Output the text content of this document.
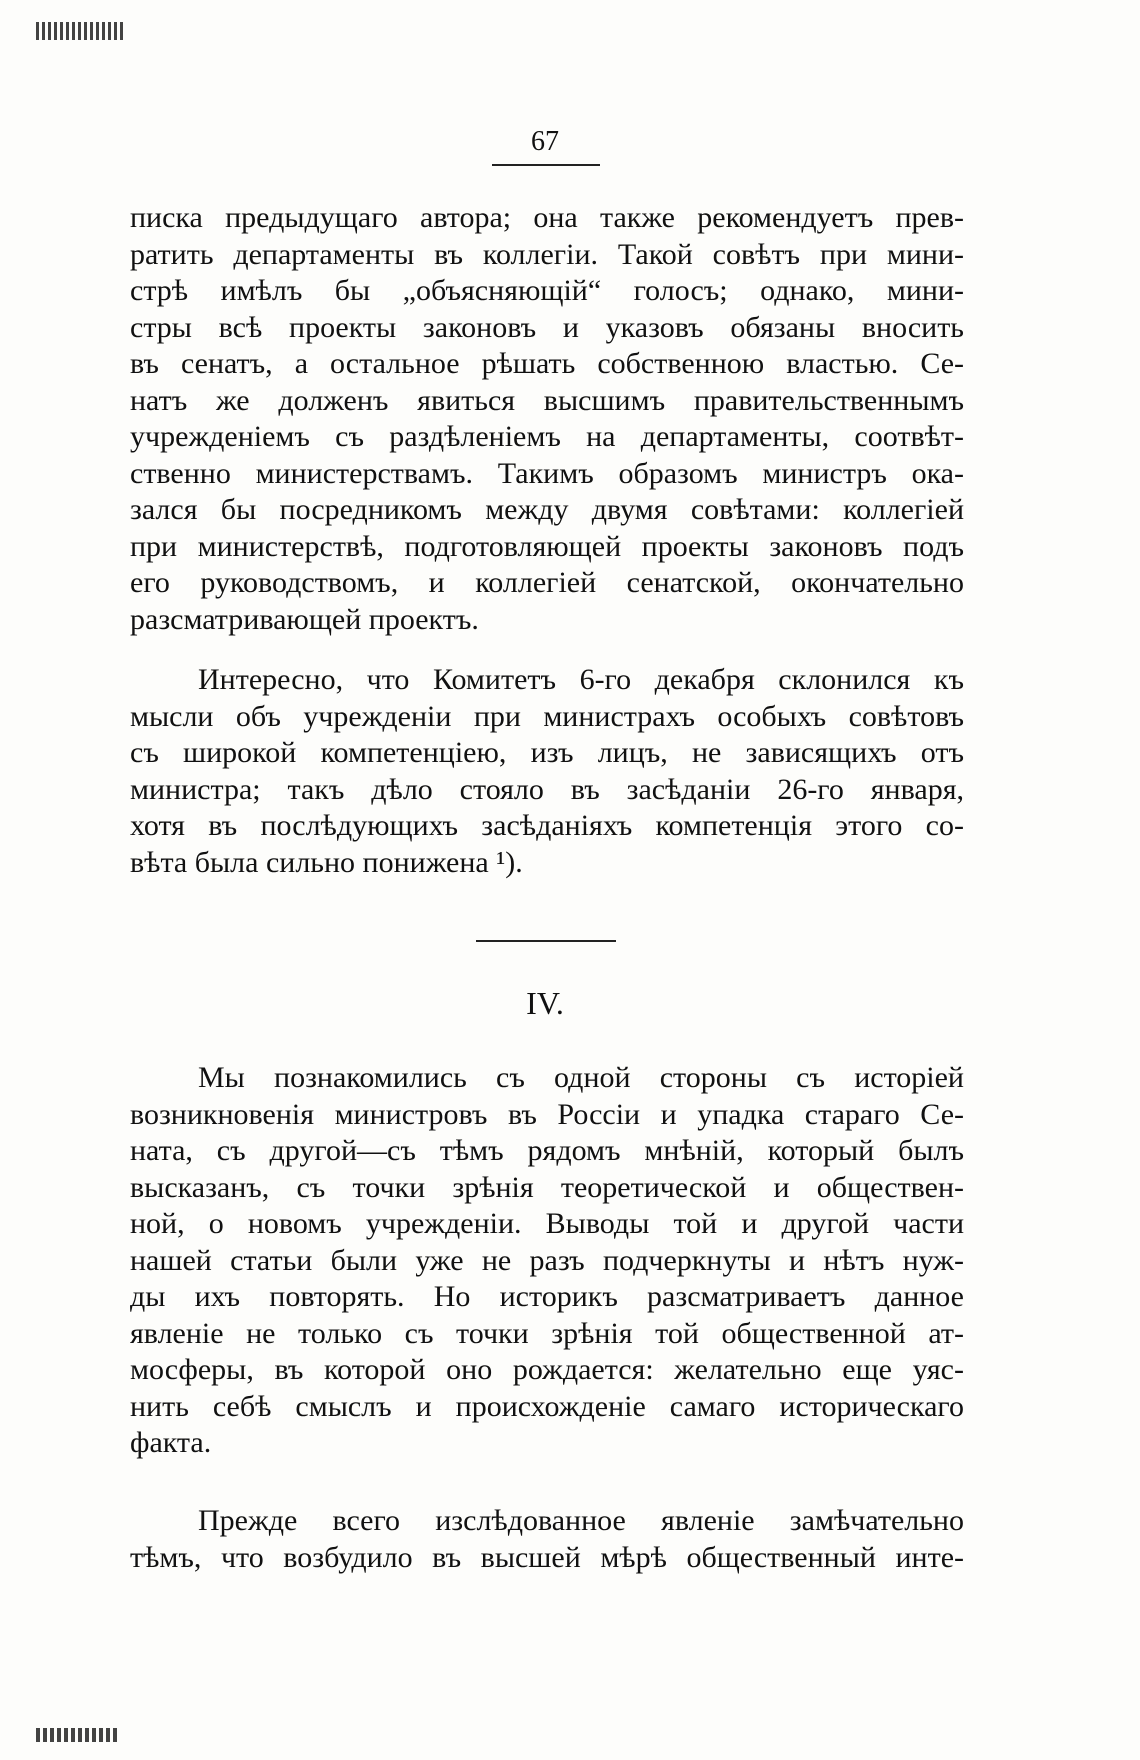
67
писка предыдущаго автора; она также рекомендуетъ прев-
ратить департаменты въ коллегіи. Такой совѣтъ при мини-
стрѣ имѣлъ бы „объясняющій“ голосъ; однако, мини-
стры всѣ проекты законовъ и указовъ обязаны вносить
въ сенатъ, а остальное рѣшать собственною властью. Се-
натъ же долженъ явиться высшимъ правительственнымъ
учрежденіемъ съ раздѣленіемъ на департаменты, соотвѣт-
ственно министерствамъ. Такимъ образомъ министръ ока-
зался бы посредникомъ между двумя совѣтами: коллегіей
при министерствѣ, подготовляющей проекты законовъ подъ
его руководствомъ, и коллегіей сенатской, окончательно
разсматривающей проектъ.
Интересно, что Комитетъ 6-го декабря склонился къ
мысли объ учрежденіи при министрахъ особыхъ совѣтовъ
съ широкой компетенціею, изъ лицъ, не зависящихъ отъ
министра; такъ дѣло стояло въ засѣданіи 26-го января,
хотя въ послѣдующихъ засѣданіяхъ компетенція этого со-
вѣта была сильно понижена ¹).
IV.
Мы познакомились съ одной стороны съ исторіей
возникновенія министровъ въ Россіи и упадка стараго Се-
ната, съ другой—съ тѣмъ рядомъ мнѣній, который былъ
высказанъ, съ точки зрѣнія теоретической и обществен-
ной, о новомъ учрежденіи. Выводы той и другой части
нашей статьи были уже не разъ подчеркнуты и нѣтъ нуж-
ды ихъ повторять. Но историкъ разсматриваетъ данное
явленіе не только съ точки зрѣнія той общественной ат-
мосферы, въ которой оно рождается: желательно еще уяс-
нить себѣ смыслъ и происхожденіе самаго историческаго
факта.
Прежде всего изслѣдованное явленіе замѣчательно
тѣмъ, что возбудило въ высшей мѣрѣ общественный инте-
